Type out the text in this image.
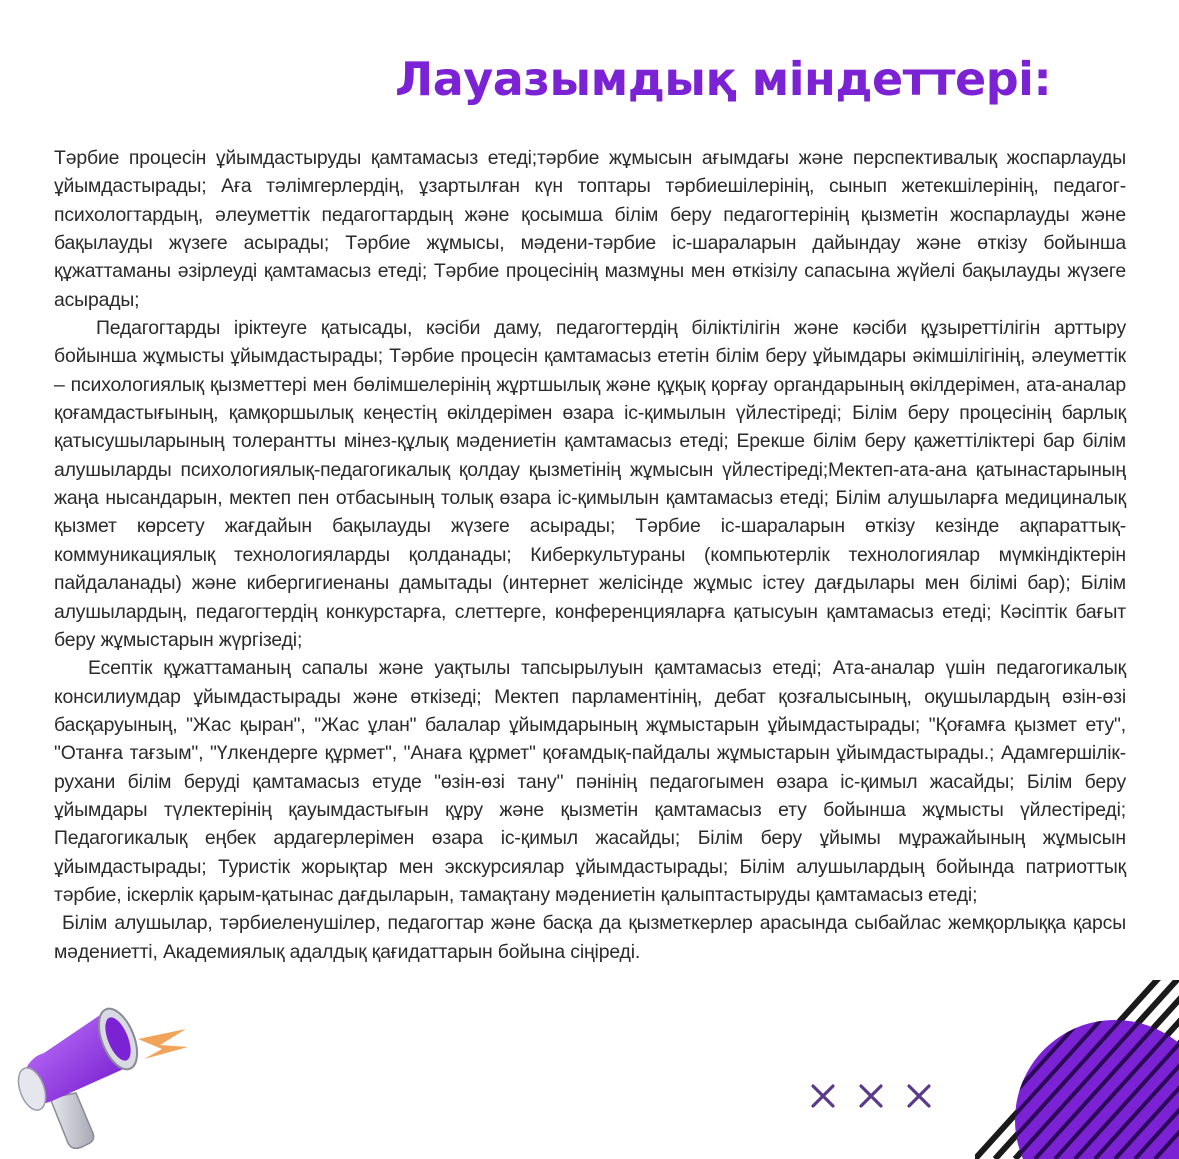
Лауазымдық міндеттері:

Тәрбие процесін ұйымдастыруды қамтамасыз етеді;тәрбие жұмысын ағымдағы және перспективалық жоспарлауды ұйымдастырады; Аға тәлімгерлердің, ұзартылған күн топтары тәрбиешілерінің, сынып жетекшілерінің, педагог-психологтардың, әлеуметтік педагогтардың және қосымша білім беру педагогтерінің қызметін жоспарлауды және бақылауды жүзеге асырады; Тәрбие жұмысы, мәдени-тәрбие іс-шараларын дайындау және өткізу бойынша құжаттаманы әзірлеуді қамтамасыз етеді; Тәрбие процесінің мазмұны мен өткізілу сапасына жүйелі бақылауды жүзеге асырады;

Педагогтарды іріктеуге қатысады, кәсіби даму, педагогтердің біліктілігін және кәсіби құзыреттілігін арттыру бойынша жұмысты ұйымдастырады; Тәрбие процесін қамтамасыз ететін білім беру ұйымдары әкімшілігінің, әлеуметтік – психологиялық қызметтері мен бөлімшелерінің жұртшылық және құқық қорғау органдарының өкілдерімен, ата-аналар қоғамдастығының, қамқоршылық кеңестің өкілдерімен өзара іс-қимылын үйлестіреді; Білім беру процесінің барлық қатысушыларының толерантты мінез-құлық мәдениетін қамтамасыз етеді; Ерекше білім беру қажеттіліктері бар білім алушыларды психологиялық-педагогикалық қолдау қызметінің жұмысын үйлестіреді;Мектеп-ата-ана қатынастарының жаңа нысандарын, мектеп пен отбасының толық өзара іс-қимылын қамтамасыз етеді; Білім алушыларға медициналық қызмет көрсету жағдайын бақылауды жүзеге асырады; Тәрбие іс-шараларын өткізу кезінде ақпараттық-коммуникациялық технологияларды қолданады; Киберкультураны (компьютерлік технологиялар мүмкіндіктерін пайдаланады) және кибергигиенаны дамытады (интернет желісінде жұмыс істеу дағдылары мен білімі бар); Білім алушылардың, педагогтердің конкурстарға, слеттерге, конференцияларға қатысуын қамтамасыз етеді; Кәсіптік бағыт беру жұмыстарын жүргізеді;

Есептік құжаттаманың сапалы және уақтылы тапсырылуын қамтамасыз етеді; Ата-аналар үшін педагогикалық консилиумдар ұйымдастырады және өткізеді; Мектеп парламентінің, дебат қозғалысының, оқушылардың өзін-өзі басқаруының, "Жас қыран", "Жас ұлан" балалар ұйымдарының жұмыстарын ұйымдастырады; "Қоғамға қызмет ету", "Отанға тағзым", "Үлкендерге құрмет", "Анаға құрмет" қоғамдық-пайдалы жұмыстарын ұйымдастырады.; Адамгершілік-рухани білім беруді қамтамасыз етуде "өзін-өзі тану" пәнінің педагогымен өзара іс-қимыл жасайды; Білім беру ұйымдары түлектерінің қауымдастығын құру және қызметін қамтамасыз ету бойынша жұмысты үйлестіреді; Педагогикалық еңбек ардагерлерімен өзара іс-қимыл жасайды; Білім беру ұйымы мұражайының жұмысын ұйымдастырады; Туристік жорықтар мен экскурсиялар ұйымдастырады; Білім алушылардың бойында патриоттық тәрбие, іскерлік қарым-қатынас дағдыларын, тамақтану мәдениетін қалыптастыруды қамтамасыз етеді;

Білім алушылар, тәрбиеленушілер, педагогтар және басқа да қызметкерлер арасында сыбайлас жемқорлыққа қарсы мәдениетті, Академиялық адалдық қағидаттарын бойына сіңіреді.
